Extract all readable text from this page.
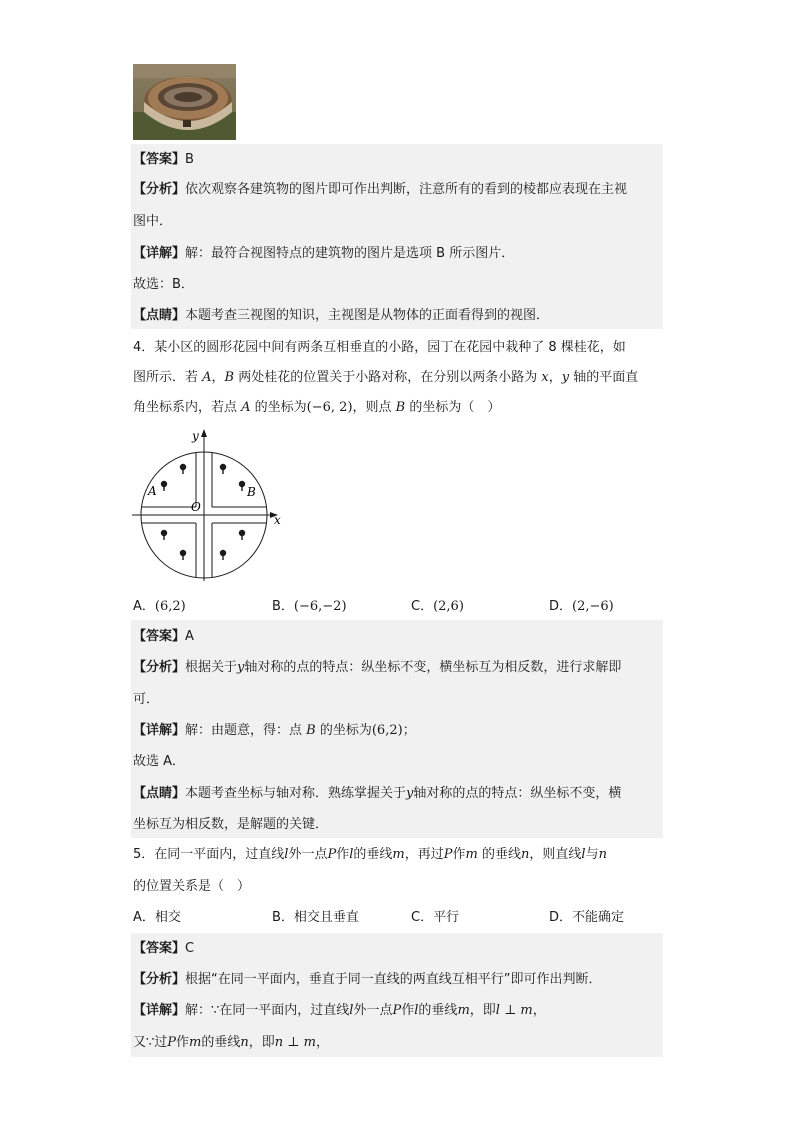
【答案】B
【分析】依次观察各建筑物的图片即可作出判断，注意所有的看到的棱都应表现在主视
图中．
【详解】解：最符合视图特点的建筑物的图片是选项 B 所示图片．
故选：B．
【点睛】本题考查三视图的知识，主视图是从物体的正面看得到的视图．
4．某小区的圆形花园中间有两条互相垂直的小路，园丁在花园中栽种了 8 棵桂花，如
图所示．若 A，B 两处桂花的位置关于小路对称，在分别以两条小路为 x，y 轴的平面直
角坐标系内，若点 A 的坐标为(−6, 2)，则点 B 的坐标为（　）
y
x
O
A	B
A．(6,2)	B．(−6,−2)	C．(2,6)	D．(2,−6)
【答案】A
【分析】根据关于y轴对称的点的特点：纵坐标不变，横坐标互为相反数，进行求解即
可．
【详解】解：由题意，得：点 B 的坐标为(6,2)；
故选 A．
【点睛】本题考查坐标与轴对称．熟练掌握关于y轴对称的点的特点：纵坐标不变，横
坐标互为相反数，是解题的关键．
5．在同一平面内，过直线l外一点P作l的垂线m，再过P作m 的垂线n，则直线l与n
的位置关系是（　）
A．相交	B．相交且垂直	C．平行	D．不能确定
【答案】C
【分析】根据“在同一平面内，垂直于同一直线的两直线互相平行”即可作出判断．
【详解】解：∵在同一平面内，过直线l外一点P作l的垂线m，即l ⊥ m，
又∵过P作m的垂线n，即n ⊥ m，
